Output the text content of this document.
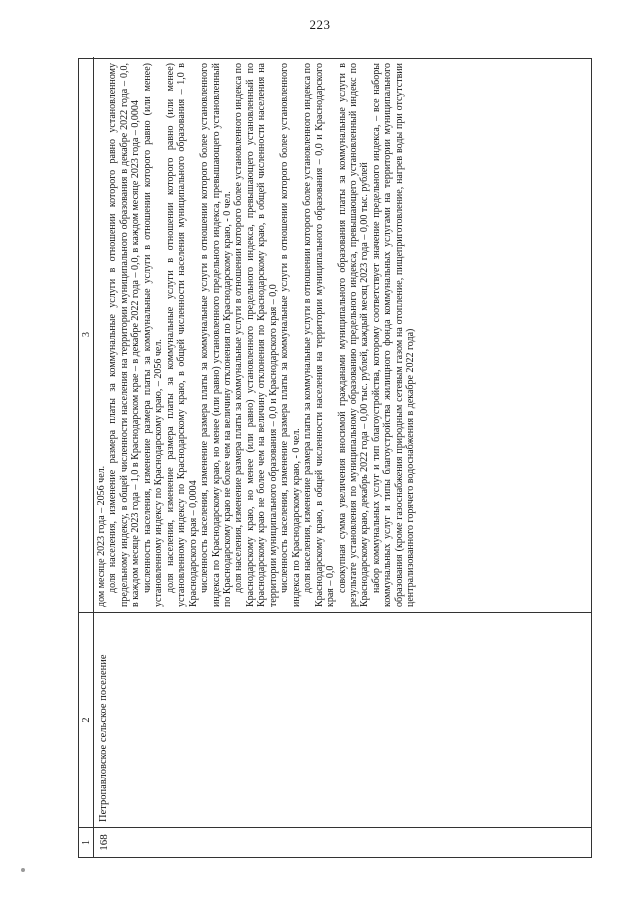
223
1
2
3
168
Петропавловское сельское поселение

дом месяце 2023 года – 2056 чел. доля населения, изменение размера платы за коммунальные услуги в отношении которого равно установленному предельному индексу, в общей численности населения на территории муниципального образования в декабре 2022 года – 0,0, в каждом месяце 2023 года – 1,0 в Краснодарском крае – в декабре 2022 года – 0,0, в каждом месяце 2023 года – 0,0004 численность населения, изменение размера платы за коммунальные услуги в отношении которого равно (или менее) установленному индексу по Краснодарскому краю, – 2056 чел. доля населения, изменение размера платы за коммунальные услуги в отношении которого равно (или менее) установленному индексу по Краснодарскому краю, в общей численности населения муниципального образования – 1,0 в Краснодарского края – 0,0004 численность населения, изменение размера платы за коммунальные услуги в отношении которого более установленного индекса по Краснодарскому краю, но менее (или равно) установленного предельного индекса, превышающего установленный по Краснодарскому краю не более чем на величину отклонения по Краснодарскому краю, - 0 чел. доля населения, изменение размера платы за коммунальные услуги в отношении которого более установленного индекса по Краснодарскому краю, но менее (или равно) установленного предельного индекса, превышающего установленный по Краснодарскому краю не более чем на величину отклонения по Краснодарскому краю, в общей численности населения на территории муниципального образования – 0,0 и Краснодарского края – 0,0 численность населения, изменение размера платы за коммунальные услуги в отношении которого более установленного индекса по Краснодарскому краю, - 0 чел. доля населения, изменение размера платы за коммунальные услуги в отношении которого более установленного индекса по Краснодарскому краю, в общей численности населения на территории муниципального образования – 0,0 и Краснодарского края – 0,0 совокупная сумма увеличения вносимой гражданами муниципального образования платы за коммунальные услуги в результате установления по муниципальному образованию предельного индекса, превышающего установленный индекс по Краснодарскому краю, декабрь 2022 года – 0,00 тыс. рублей, каждый месяц 2023 года – 0,00 тыс. рублей набор коммунальных услуг и тип благоустройства, которому соответствует значение предельного индекса, – все наборы коммунальных услуг и типы благоустройства жилищного фонда коммунальных услугами на территории муниципального образования (кроме газоснабжения природным сетевым газом на отопление, пищеприготовление, нагрев воды при отсутствии централизованного горячего водоснабжения в декабре 2022 года)
